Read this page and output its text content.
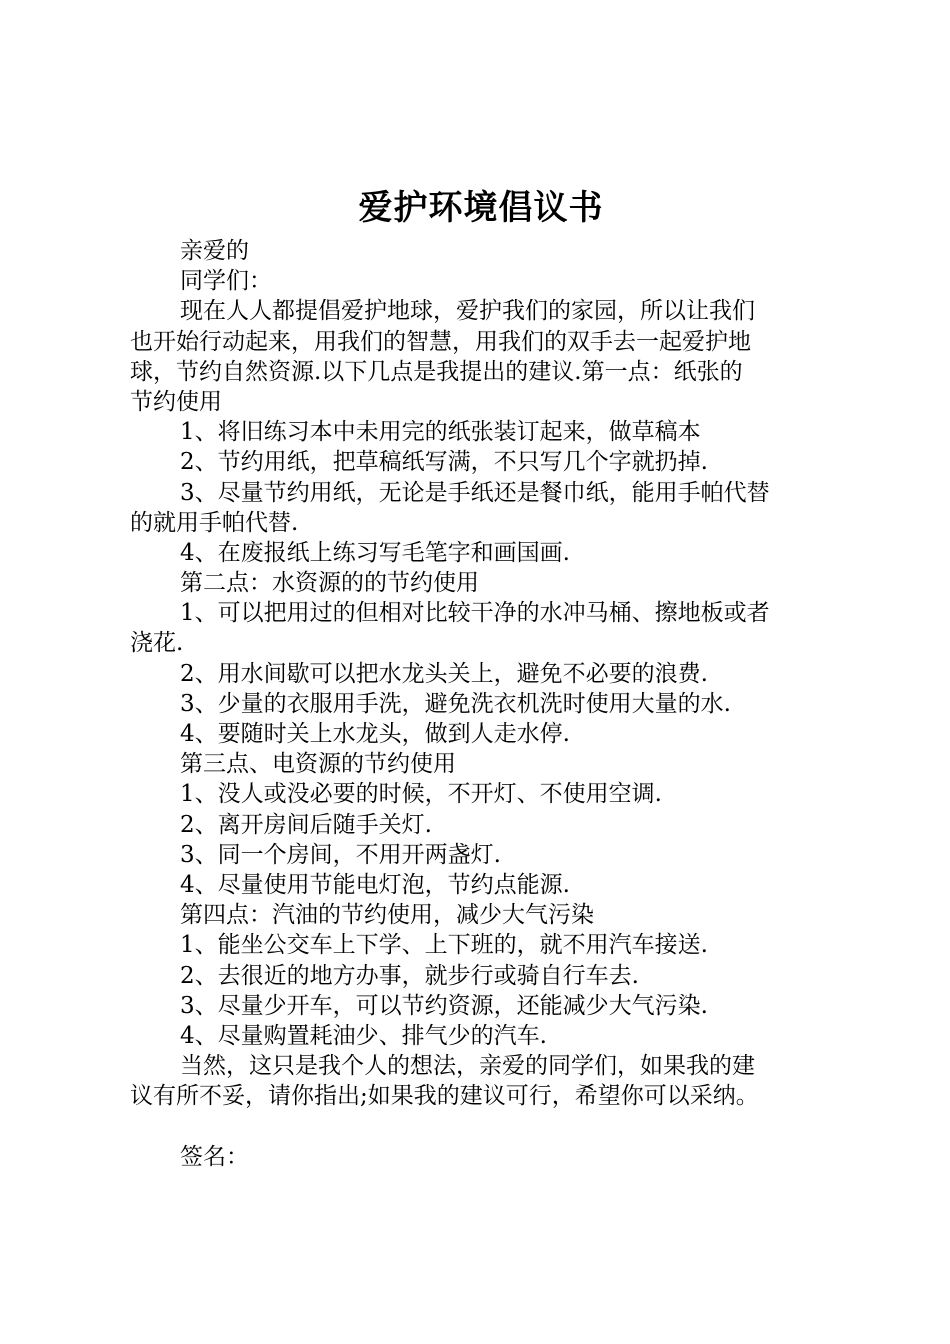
爱护环境倡议书
亲爱的
同学们：
现在人人都提倡爱护地球，爱护我们的家园，所以让我们
也开始行动起来，用我们的智慧，用我们的双手去一起爱护地
球，节约自然资源.以下几点是我提出的建议.第一点：纸张的
节约使用
1、将旧练习本中未用完的纸张装订起来，做草稿本
2、节约用纸，把草稿纸写满，不只写几个字就扔掉.
3、尽量节约用纸，无论是手纸还是餐巾纸，能用手帕代替
的就用手帕代替.
4、在废报纸上练习写毛笔字和画国画.
第二点：水资源的的节约使用
1、可以把用过的但相对比较干净的水冲马桶、擦地板或者
浇花.
2、用水间歇可以把水龙头关上，避免不必要的浪费.
3、少量的衣服用手洗，避免洗衣机洗时使用大量的水.
4、要随时关上水龙头，做到人走水停.
第三点、电资源的节约使用
1、没人或没必要的时候，不开灯、不使用空调.
2、离开房间后随手关灯.
3、同一个房间，不用开两盏灯.
4、尽量使用节能电灯泡，节约点能源.
第四点：汽油的节约使用，减少大气污染
1、能坐公交车上下学、上下班的，就不用汽车接送.
2、去很近的地方办事，就步行或骑自行车去.
3、尽量少开车，可以节约资源，还能减少大气污染.
4、尽量购置耗油少、排气少的汽车.
当然，这只是我个人的想法，亲爱的同学们，如果我的建
议有所不妥，请你指出;如果我的建议可行，希望你可以采纳。
签名：
